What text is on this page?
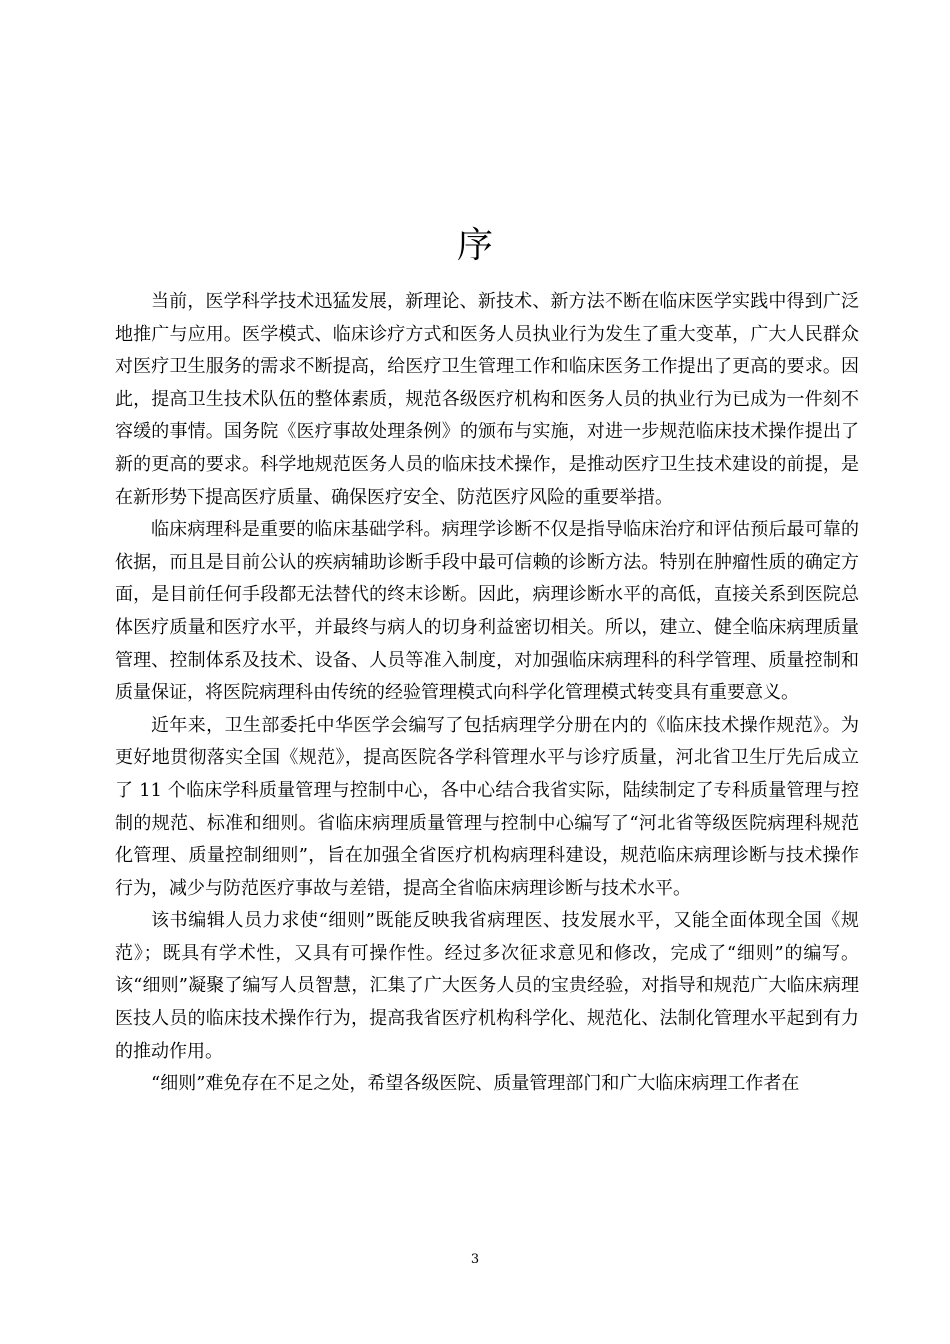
序

当前，医学科学技术迅猛发展，新理论、新技术、新方法不断在临床医学实践中得到广泛地推广与应用。医学模式、临床诊疗方式和医务人员执业行为发生了重大变革，广大人民群众对医疗卫生服务的需求不断提高，给医疗卫生管理工作和临床医务工作提出了更高的要求。因此，提高卫生技术队伍的整体素质，规范各级医疗机构和医务人员的执业行为已成为一件刻不容缓的事情。国务院《医疗事故处理条例》的颁布与实施，对进一步规范临床技术操作提出了新的更高的要求。科学地规范医务人员的临床技术操作，是推动医疗卫生技术建设的前提，是在新形势下提高医疗质量、确保医疗安全、防范医疗风险的重要举措。

临床病理科是重要的临床基础学科。病理学诊断不仅是指导临床治疗和评估预后最可靠的依据，而且是目前公认的疾病辅助诊断手段中最可信赖的诊断方法。特别在肿瘤性质的确定方面，是目前任何手段都无法替代的终末诊断。因此，病理诊断水平的高低，直接关系到医院总体医疗质量和医疗水平，并最终与病人的切身利益密切相关。所以，建立、健全临床病理质量管理、控制体系及技术、设备、人员等准入制度，对加强临床病理科的科学管理、质量控制和质量保证，将医院病理科由传统的经验管理模式向科学化管理模式转变具有重要意义。

近年来，卫生部委托中华医学会编写了包括病理学分册在内的《临床技术操作规范》。为更好地贯彻落实全国《规范》，提高医院各学科管理水平与诊疗质量，河北省卫生厅先后成立了 11 个临床学科质量管理与控制中心，各中心结合我省实际，陆续制定了专科质量管理与控制的规范、标准和细则。省临床病理质量管理与控制中心编写了“河北省等级医院病理科规范化管理、质量控制细则”，旨在加强全省医疗机构病理科建设，规范临床病理诊断与技术操作行为，减少与防范医疗事故与差错，提高全省临床病理诊断与技术水平。

该书编辑人员力求使“细则”既能反映我省病理医、技发展水平，又能全面体现全国《规范》；既具有学术性，又具有可操作性。经过多次征求意见和修改，完成了“细则”的编写。该“细则”凝聚了编写人员智慧，汇集了广大医务人员的宝贵经验，对指导和规范广大临床病理医技人员的临床技术操作行为，提高我省医疗机构科学化、规范化、法制化管理水平起到有力的推动作用。

“细则”难免存在不足之处，希望各级医院、质量管理部门和广大临床病理工作者在

3
